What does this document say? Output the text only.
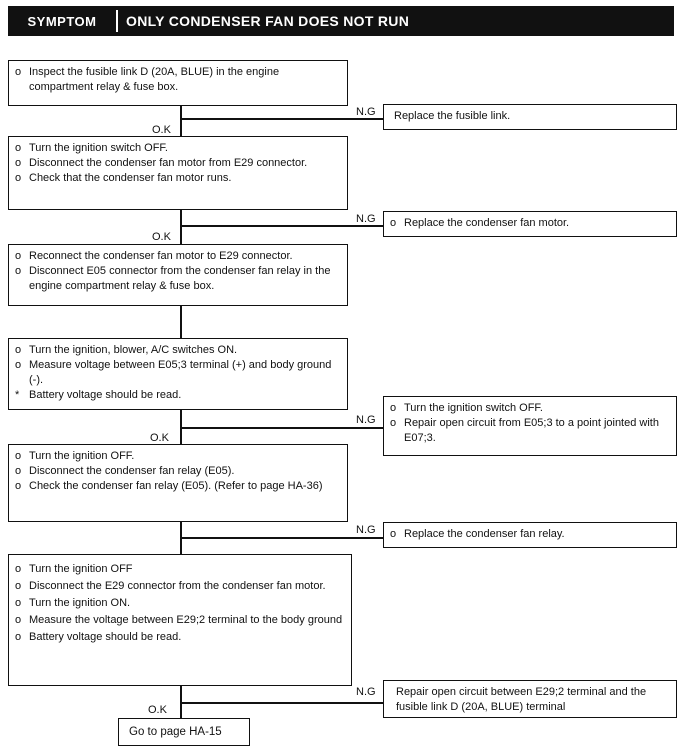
SYMPTOM	ONLY CONDENSER FAN DOES NOT RUN
o Inspect the fusible link D (20A, BLUE) in the engine compartment relay & fuse box.
N.G
O.K
Replace the fusible link.
o Turn the ignition switch OFF.
o Disconnect the condenser fan motor from E29 connector.
o Check that the condenser fan motor runs.
N.G
O.K
o Replace the condenser fan motor.
o Reconnect the condenser fan motor to E29 connector.
o Disconnect E05 connector from the condenser fan relay in the engine compartment relay & fuse box.
o Turn the ignition, blower, A/C switches ON.
o Measure voltage between E05;3 terminal (+) and body ground (-).
* Battery voltage should be read.
N.G
O.K
o Turn the ignition switch OFF.
o Repair open circuit from E05;3 to a point jointed with E07;3.
o Turn the ignition OFF.
o Disconnect the condenser fan relay (E05).
o Check the condenser fan relay (E05). (Refer to page HA-36)
N.G o Replace the condenser fan relay.
o Turn the ignition OFF
o Disconnect the E29 connector from the condenser fan motor.
o Turn the ignition ON.
o Measure the voltage between E29;2 terminal to the body ground
o Battery voltage should be read.
N.G
O.K
Repair open circuit between E29;2 terminal and the fusible link D (20A, BLUE) terminal
Go to page HA-15
